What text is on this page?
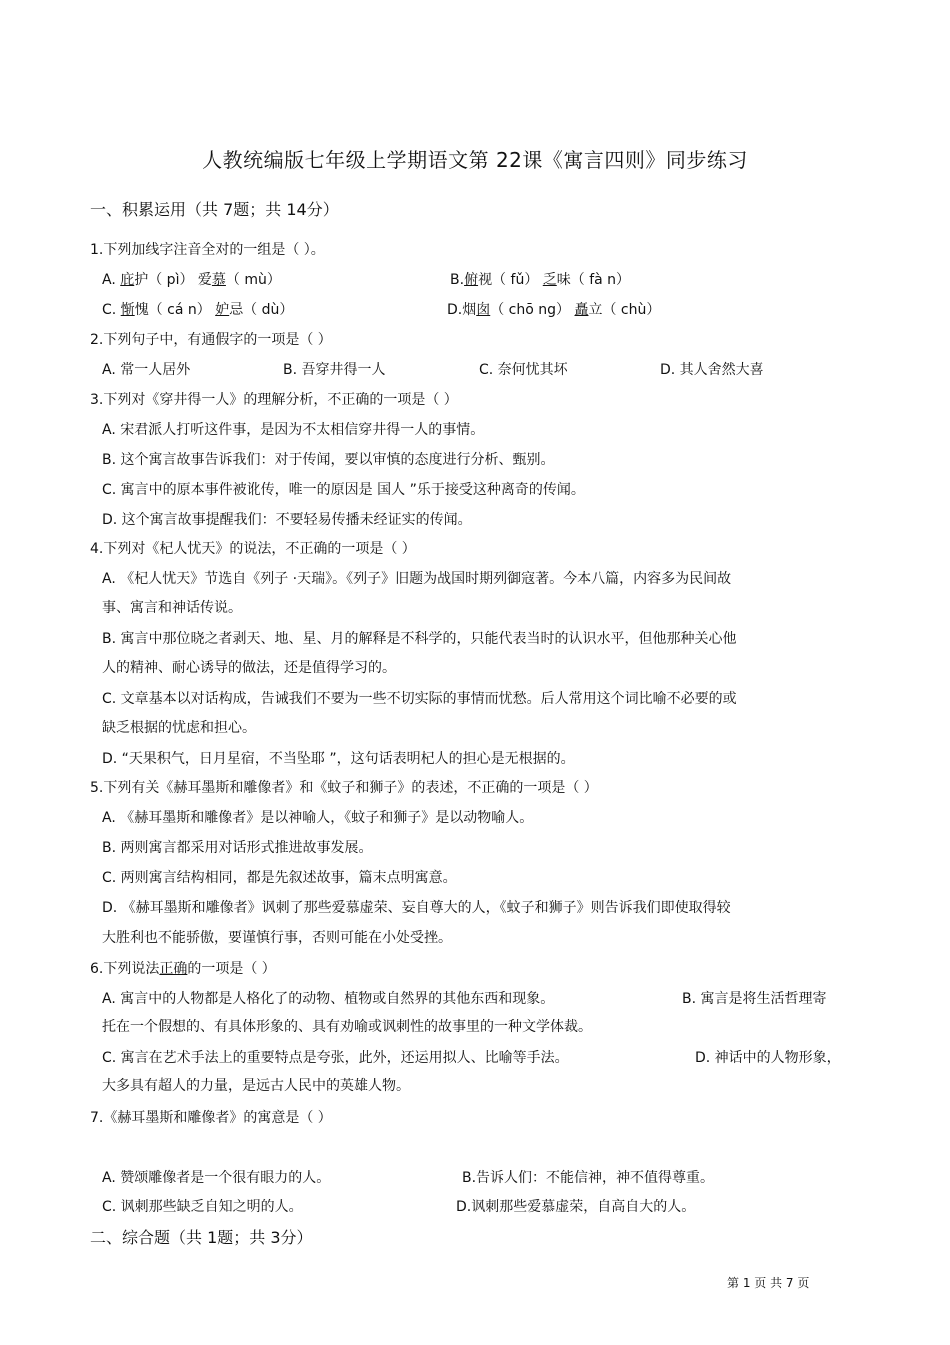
人教统编版七年级上学期语文第 22课《寓言四则》同步练习
一、积累运用（共 7题；共 14分）
1.下列加线字注音全对的一组是（ ）。
A. 庇护（ pì） 爱慕（ mù）	B.俯视（ fǔ） 乏味（ fà n）
C. 惭愧（ cá n） 妒忌（ dù）	D.烟囱（ chō ng） 矗立（ chù）
2.下列句子中，有通假字的一项是（ ）
A. 常一人居外	B. 吾穿井得一人	C. 奈何忧其坏	D. 其人舍然大喜
3.下列对《穿井得一人》的理解分析，不正确的一项是（ ）
A. 宋君派人打听这件事，是因为不太相信穿井得一人的事情。
B. 这个寓言故事告诉我们：对于传闻，要以审慎的态度进行分析、甄别。
C. 寓言中的原本事件被讹传，唯一的原因是 国人 ”乐于接受这种离奇的传闻。
D. 这个寓言故事提醒我们：不要轻易传播未经证实的传闻。
4.下列对《杞人忧天》的说法，不正确的一项是（ ）
A. 《杞人忧天》节选自《列子 ·天瑞》。《列子》旧题为战国时期列御寇著。今本八篇，内容多为民间故
事、寓言和神话传说。
B. 寓言中那位晓之者剥天、地、星、月的解释是不科学的，只能代表当时的认识水平，但他那种关心他
人的精神、耐心诱导的做法，还是值得学习的。
C. 文章基本以对话构成，告诫我们不要为一些不切实际的事情而忧愁。后人常用这个词比喻不必要的或
缺乏根据的忧虑和担心。
D. “天果积气，日月星宿，不当坠耶 ”，这句话表明杞人的担心是无根据的。
5.下列有关《赫耳墨斯和雕像者》和《蚊子和狮子》的表述，不正确的一项是（ ）
A. 《赫耳墨斯和雕像者》是以神喻人，《蚊子和狮子》是以动物喻人。
B. 两则寓言都采用对话形式推进故事发展。
C. 两则寓言结构相同，都是先叙述故事，篇末点明寓意。
D. 《赫耳墨斯和雕像者》讽刺了那些爱慕虚荣、妄自尊大的人，《蚊子和狮子》则告诉我们即使取得较
大胜利也不能骄傲，要谨慎行事，否则可能在小处受挫。
6.下列说法正确的一项是（ ）
A. 寓言中的人物都是人格化了的动物、植物或自然界的其他东西和现象。	B. 寓言是将生活哲理寄
托在一个假想的、有具体形象的、具有劝喻或讽刺性的故事里的一种文学体裁。
C. 寓言在艺术手法上的重要特点是夸张，此外，还运用拟人、比喻等手法。	D. 神话中的人物形象，
大多具有超人的力量，是远古人民中的英雄人物。
7.《赫耳墨斯和雕像者》的寓意是（ ）
A. 赞颂雕像者是一个很有眼力的人。	B.告诉人们：不能信神，神不值得尊重。
C. 讽刺那些缺乏自知之明的人。	D.讽刺那些爱慕虚荣，自高自大的人。
二、综合题（共 1题；共 3分）
第 1 页 共 7 页
